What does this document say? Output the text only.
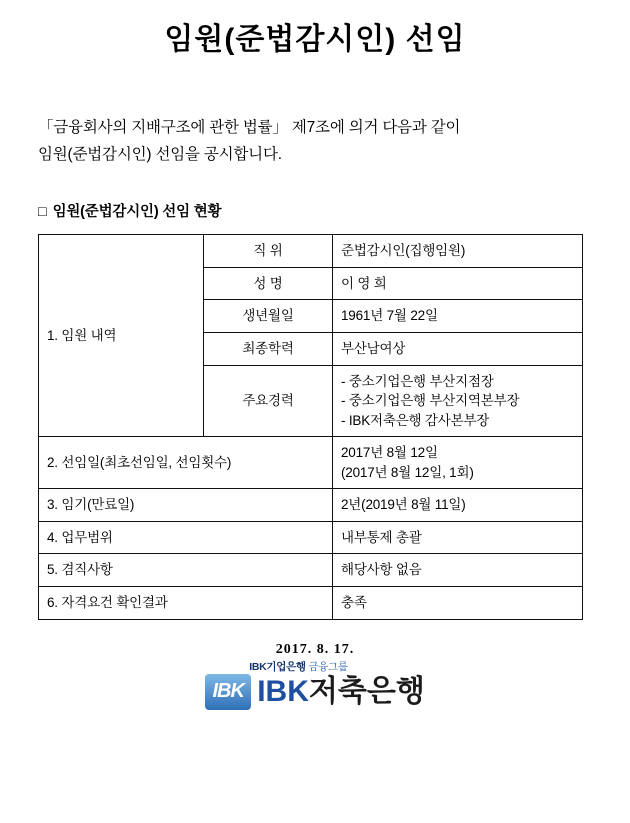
임원(준법감시인) 선임
「금융회사의 지배구조에 관한 법률」 제7조에 의거 다음과 같이
임원(준법감시인) 선임을 공시합니다.
□ 임원(준법감시인) 선임 현황
1. 임원 내역	직 위	준법감시인(집행임원)
	성 명	이 영 희
	생년월일	1961년 7월 22일
	최종학력	부산남여상
	주요경력	- 중소기업은행 부산지점장
- 중소기업은행 부산지역본부장
- IBK저축은행 감사본부장

2. 선임일(최초선임일, 선임횟수)		2017년 8월 12일
(2017년 8월 12일, 1회)

3. 임기(만료일)		2년(2019년 8월 11일)
4. 업무범위		내부통제 총괄
5. 겸직사항		해당사항 없음
6. 자격요건 확인결과		충족
2017. 8. 17.
IBK기업은행 금융그룹
IBK IBK저축은행
